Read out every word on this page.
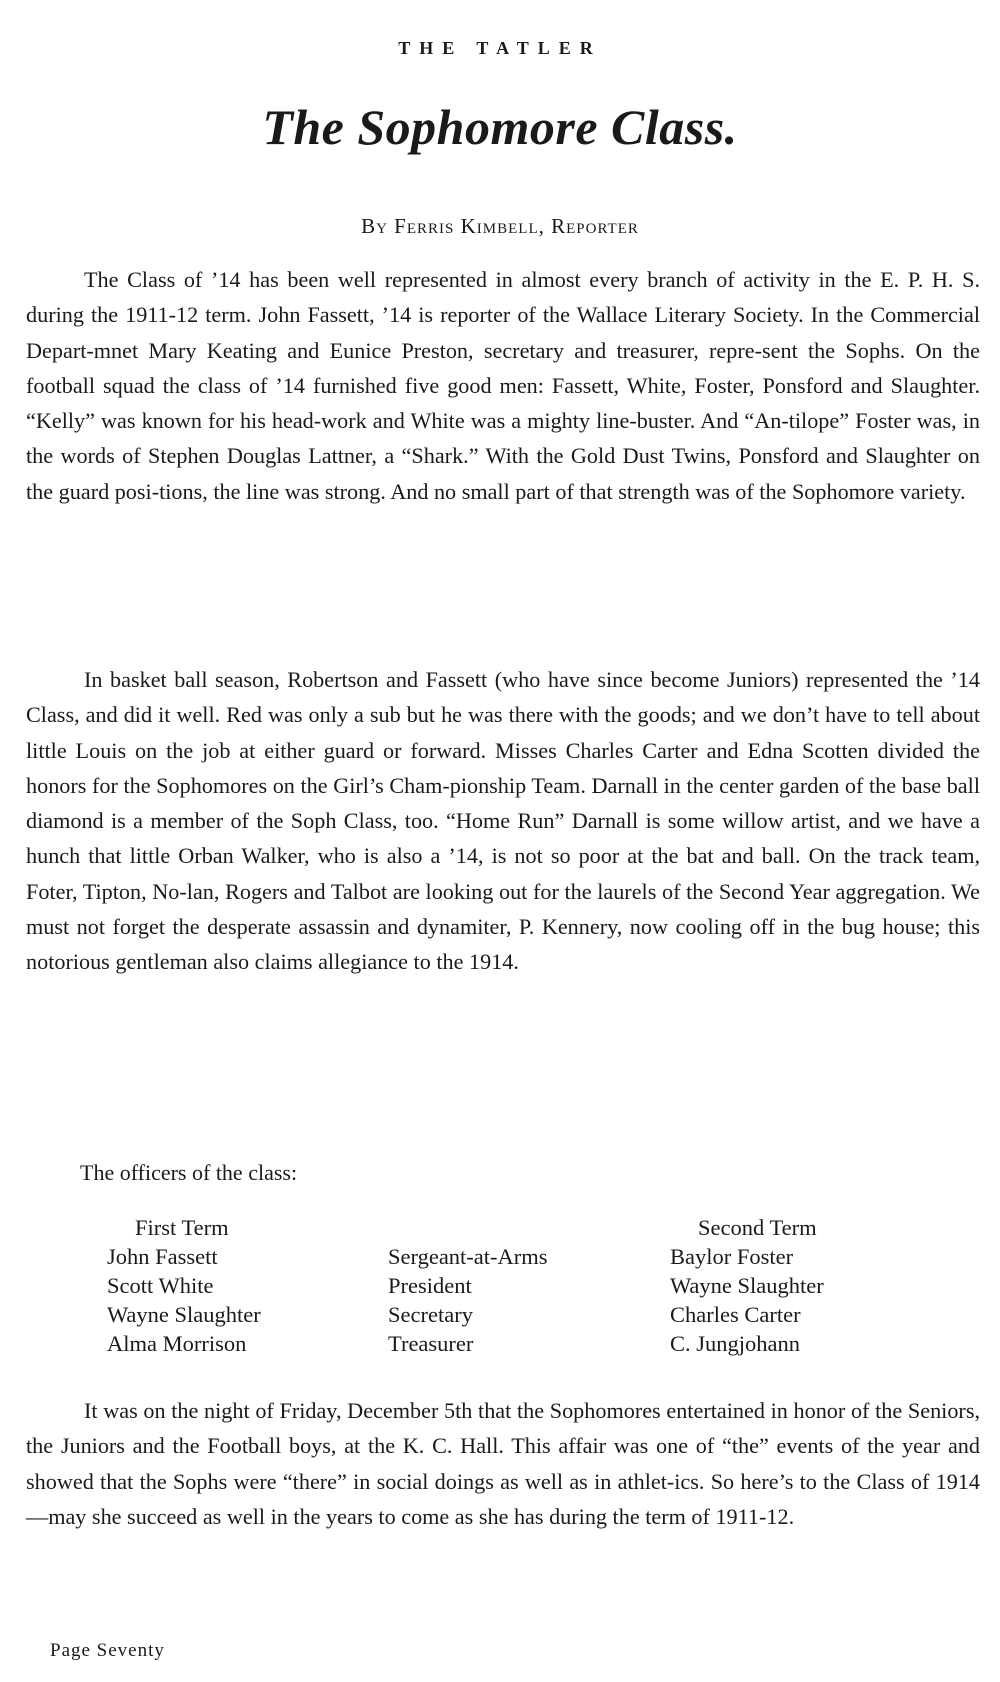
THE TATLER
The Sophomore Class.
By Ferris Kimbell, Reporter
The Class of ’14 has been well represented in almost every branch of activity in the E. P. H. S. during the 1911-12 term. John Fassett, ’14 is reporter of the Wallace Literary Society. In the Commercial Depart-mnet Mary Keating and Eunice Preston, secretary and treasurer, repre-sent the Sophs. On the football squad the class of ’14 furnished five good men: Fassett, White, Foster, Ponsford and Slaughter. “Kelly” was known for his head-work and White was a mighty line-buster. And “An-tilope” Foster was, in the words of Stephen Douglas Lattner, a “Shark.” With the Gold Dust Twins, Ponsford and Slaughter on the guard posi-tions, the line was strong. And no small part of that strength was of the Sophomore variety.
In basket ball season, Robertson and Fassett (who have since become Juniors) represented the ’14 Class, and did it well. Red was only a sub but he was there with the goods; and we don’t have to tell about little Louis on the job at either guard or forward. Misses Charles Carter and Edna Scotten divided the honors for the Sophomores on the Girl’s Cham-pionship Team. Darnall in the center garden of the base ball diamond is a member of the Soph Class, too. “Home Run” Darnall is some willow artist, and we have a hunch that little Orban Walker, who is also a ’14, is not so poor at the bat and ball. On the track team, Foter, Tipton, No-lan, Rogers and Talbot are looking out for the laurels of the Second Year aggregation. We must not forget the desperate assassin and dynamiter, P. Kennery, now cooling off in the bug house; this notorious gentleman also claims allegiance to the 1914.
The officers of the class:
First Term
John Fassett
Scott White
Wayne Slaughter
Alma Morrison
Sergeant-at-Arms
President
Secretary
Treasurer
Second Term
Baylor Foster
Wayne Slaughter
Charles Carter
C. Jungjohann
It was on the night of Friday, December 5th that the Sophomores entertained in honor of the Seniors, the Juniors and the Football boys, at the K. C. Hall. This affair was one of “the” events of the year and showed that the Sophs were “there” in social doings as well as in athlet-ics. So here’s to the Class of 1914—may she succeed as well in the years to come as she has during the term of 1911-12.
Page Seventy
